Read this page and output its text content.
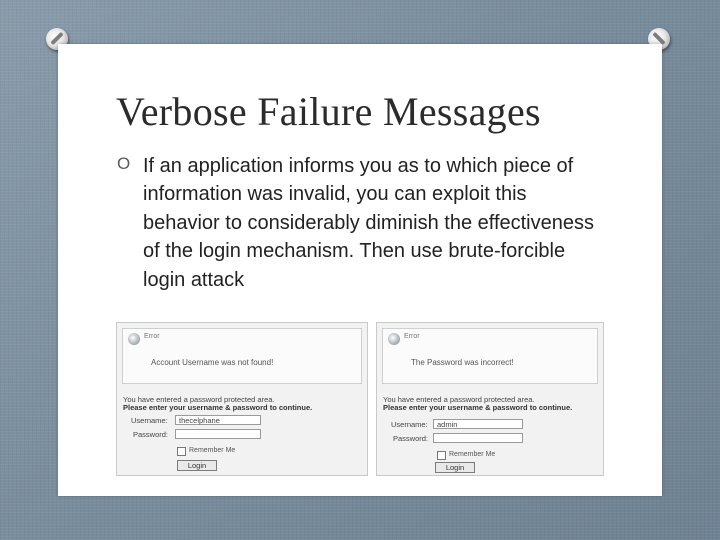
Verbose Failure Messages
O If an application informs you as to which piece of information was invalid, you can exploit this behavior to considerably diminish the effectiveness of the login mechanism. Then use brute-forcible login attack

Error
Account Username was not found!
You have entered a password protected area.
Please enter your username & password to continue.
Username:	thecelphane
Password:
Remember Me
Login
Error
The Password was incorrect!
You have entered a password protected area.
Please enter your username & password to continue.
Username:	admin
Password:
Remember Me
Login
